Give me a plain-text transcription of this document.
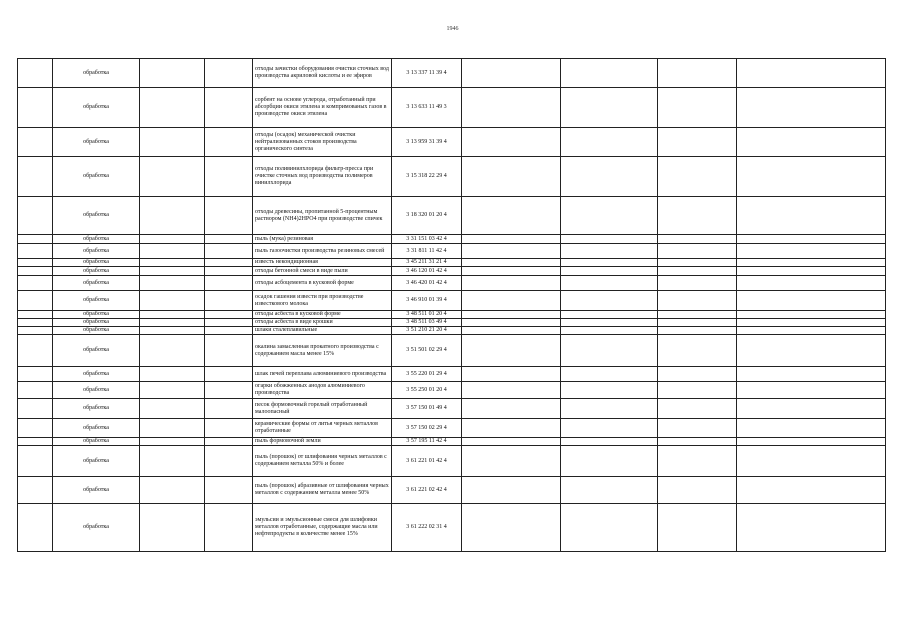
1946
	обработка			отходы зачистки оборудования очистки сточных вод производства акриловой кислоты и ее эфиров	3 13 337 11 39 4				
	обработка			сорбент на основе углерода, отработанный при абсорбции окиси этилена и компримованых газов в производстве окиси этилена	3 13 633 11 49 3				
	обработка			отходы (осадок) механической очистки нейтрализованных стоков производства органического синтеза	3 13 959 31 39 4				
	обработка			отходы поливинилхлорида фильтр-пресса при очистке сточных вод производства полимеров винилхлорида	3 15 318 22 29 4				
	обработка			отходы древесины, пропитанной 5-процентным раствором (NH4)2HPO4 при производстве спичек	3 18 320 01 20 4				
	обработка			пыль (мука) резиновая	3 31 151 03 42 4				
	обработка			пыль газоочистки производства резиновых смесей	3 31 811 11 42 4				
	обработка			известь некондиционная	3 45 211 31 21 4				
	обработка			отходы бетонной смеси в виде пыли	3 46 120 01 42 4				
	обработка			отходы асбоцемента в кусковой форме	3 46 420 01 42 4				
	обработка			осадок гашения извести при производстве известкового молока	3 46 910 01 39 4				
	обработка			отходы асбеста в кусковой форме	3 48 511 01 20 4				
	обработка			отходы асбеста в виде крошки	3 48 511 03 49 4				
	обработка			шлаки сталеплавильные	3 51 210 21 20 4				
	обработка			окалина замасленная прокатного производства с содержанием масла менее 15%	3 51 501 02 29 4				
	обработка			шлак печей переплава алюминиевого производства	3 55 220 01 29 4				
	обработка			огарки обожженных анодов алюминиевого производства	3 55 250 01 20 4				
	обработка			песок формовочный горелый отработанный малоопасный	3 57 150 01 49 4				
	обработка			керамические формы от литья черных металлов отработанные	3 57 150 02 29 4				
	обработка			пыль формовочной земли	3 57 195 11 42 4				
	обработка			пыль (порошок) от шлифования черных металлов с содержанием металла 50% и более	3 61 221 01 42 4				
	обработка			пыль (порошок) абразивные от шлифования черных металлов с содержанием металла менее 50%	3 61 221 02 42 4				
	обработка			эмульсии и эмульсионные смеси для шлифовки металлов отработанные, содержащие масла или нефтепродукты в количестве менее 15%	3 61 222 02 31 4				
